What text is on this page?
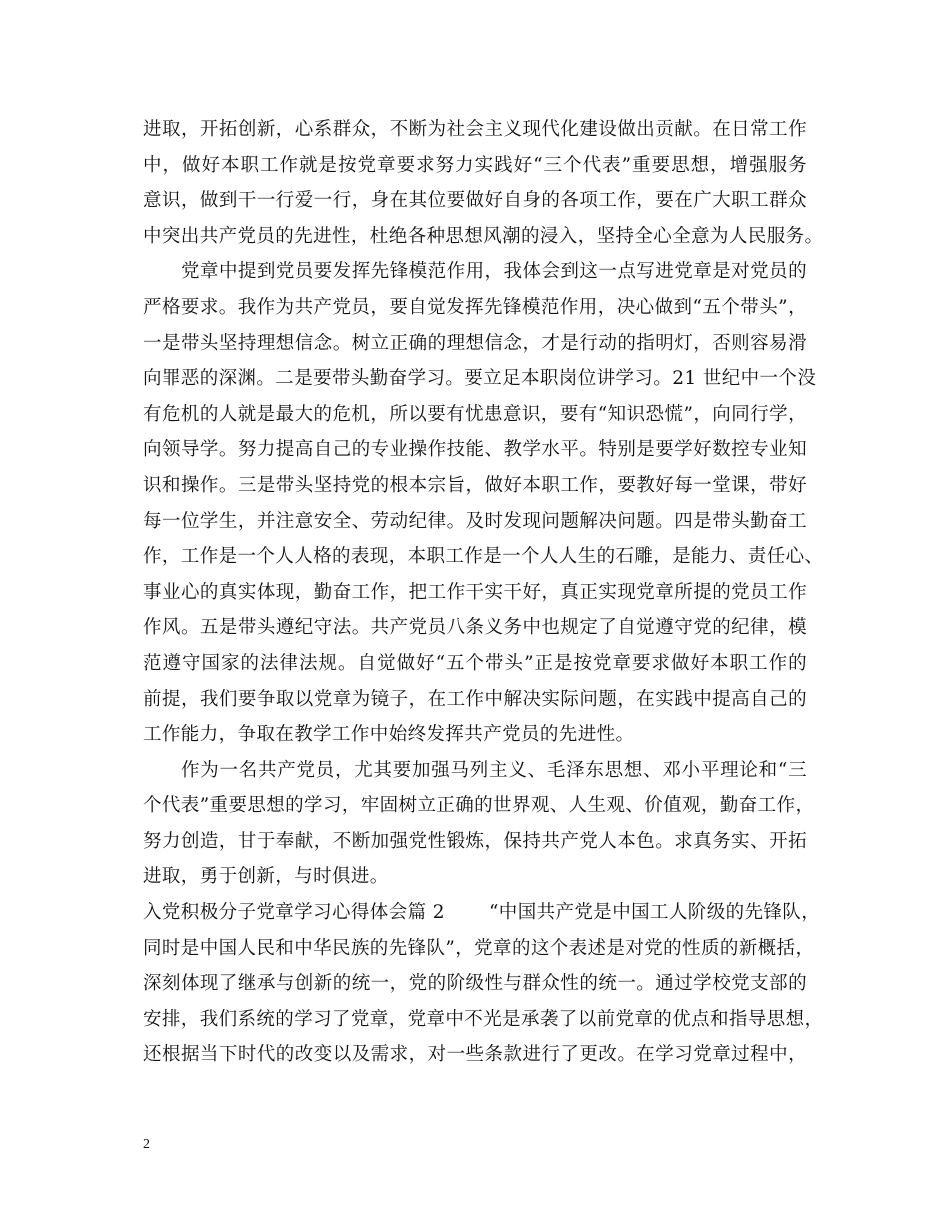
进取，开拓创新，心系群众，不断为社会主义现代化建设做出贡献。在日常工作
中，做好本职工作就是按党章要求努力实践好“三个代表”重要思想，增强服务
意识，做到干一行爱一行，身在其位要做好自身的各项工作，要在广大职工群众
中突出共产党员的先进性，杜绝各种思想风潮的浸入，坚持全心全意为人民服务。
党章中提到党员要发挥先锋模范作用，我体会到这一点写进党章是对党员的
严格要求。我作为共产党员，要自觉发挥先锋模范作用，决心做到“五个带头”，
一是带头坚持理想信念。树立正确的理想信念，才是行动的指明灯，否则容易滑
向罪恶的深渊。二是要带头勤奋学习。要立足本职岗位讲学习。21 世纪中一个没
有危机的人就是最大的危机，所以要有忧患意识，要有“知识恐慌”，向同行学，
向领导学。努力提高自己的专业操作技能、教学水平。特别是要学好数控专业知
识和操作。三是带头坚持党的根本宗旨，做好本职工作，要教好每一堂课，带好
每一位学生，并注意安全、劳动纪律。及时发现问题解决问题。四是带头勤奋工
作，工作是一个人人格的表现，本职工作是一个人人生的石雕，是能力、责任心、
事业心的真实体现，勤奋工作，把工作干实干好，真正实现党章所提的党员工作
作风。五是带头遵纪守法。共产党员八条义务中也规定了自觉遵守党的纪律，模
范遵守国家的法律法规。自觉做好“五个带头”正是按党章要求做好本职工作的
前提，我们要争取以党章为镜子，在工作中解决实际问题，在实践中提高自己的
工作能力，争取在教学工作中始终发挥共产党员的先进性。
作为一名共产党员，尤其要加强马列主义、毛泽东思想、邓小平理论和“三
个代表”重要思想的学习，牢固树立正确的世界观、人生观、价值观，勤奋工作，
努力创造，甘于奉献，不断加强党性锻炼，保持共产党人本色。求真务实、开拓
进取，勇于创新，与时俱进。
入党积极分子党章学习心得体会篇 2 “中国共产党是中国工人阶级的先锋队，
同时是中国人民和中华民族的先锋队”，党章的这个表述是对党的性质的新概括，
深刻体现了继承与创新的统一，党的阶级性与群众性的统一。通过学校党支部的
安排，我们系统的学习了党章，党章中不光是承袭了以前党章的优点和指导思想，
还根据当下时代的改变以及需求，对一些条款进行了更改。在学习党章过程中，
2
